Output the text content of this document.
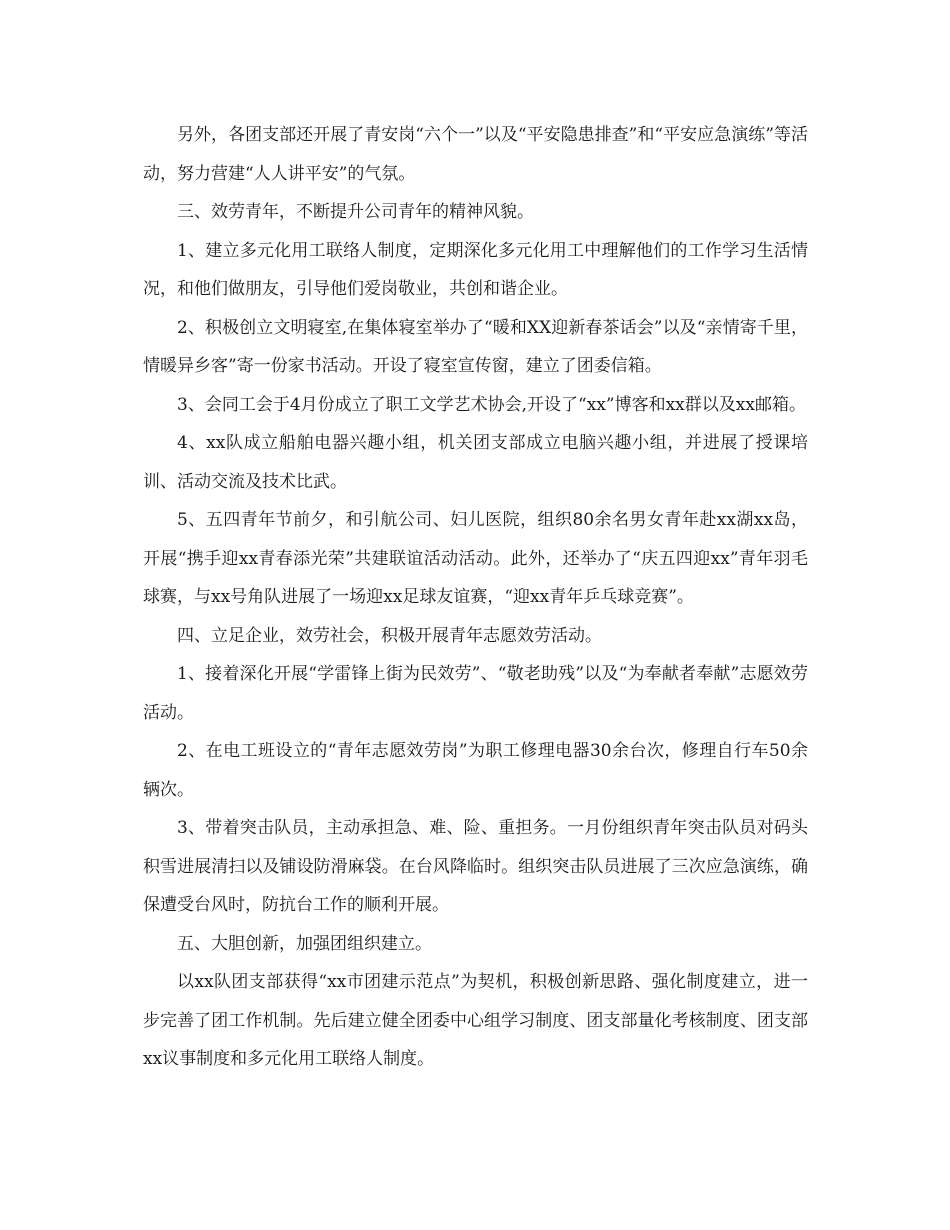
另外，各团支部还开展了青安岗“六个一”以及“平安隐患排查”和“平安应急演练”等活动，努力营建“人人讲平安”的气氛。

三、效劳青年，不断提升公司青年的精神风貌。

1、建立多元化用工联络人制度，定期深化多元化用工中理解他们的工作学习生活情况，和他们做朋友，引导他们爱岗敬业，共创和谐企业。

2、积极创立文明寝室,在集体寝室举办了“暖和XX迎新春茶话会”以及“亲情寄千里，情暖异乡客”寄一份家书活动。开设了寝室宣传窗，建立了团委信箱。

3、会同工会于4月份成立了职工文学艺术协会,开设了“xx”博客和xx群以及xx邮箱。

4、xx队成立船舶电器兴趣小组，机关团支部成立电脑兴趣小组，并进展了授课培训、活动交流及技术比武。

5、五四青年节前夕，和引航公司、妇儿医院，组织80余名男女青年赴xx湖xx岛，开展“携手迎xx青春添光荣”共建联谊活动活动。此外，还举办了“庆五四迎xx”青年羽毛球赛，与xx号角队进展了一场迎xx足球友谊赛，“迎xx青年乒乓球竞赛”。

四、立足企业，效劳社会，积极开展青年志愿效劳活动。

1、接着深化开展“学雷锋上街为民效劳”、“敬老助残”以及“为奉献者奉献”志愿效劳活动。

2、在电工班设立的“青年志愿效劳岗”为职工修理电器30余台次，修理自行车50余辆次。

3、带着突击队员，主动承担急、难、险、重担务。一月份组织青年突击队员对码头积雪进展清扫以及铺设防滑麻袋。在台风降临时。组织突击队员进展了三次应急演练，确保遭受台风时，防抗台工作的顺利开展。

五、大胆创新，加强团组织建立。

以xx队团支部获得“xx市团建示范点”为契机，积极创新思路、强化制度建立，进一步完善了团工作机制。先后建立健全团委中心组学习制度、团支部量化考核制度、团支部xx议事制度和多元化用工联络人制度。
